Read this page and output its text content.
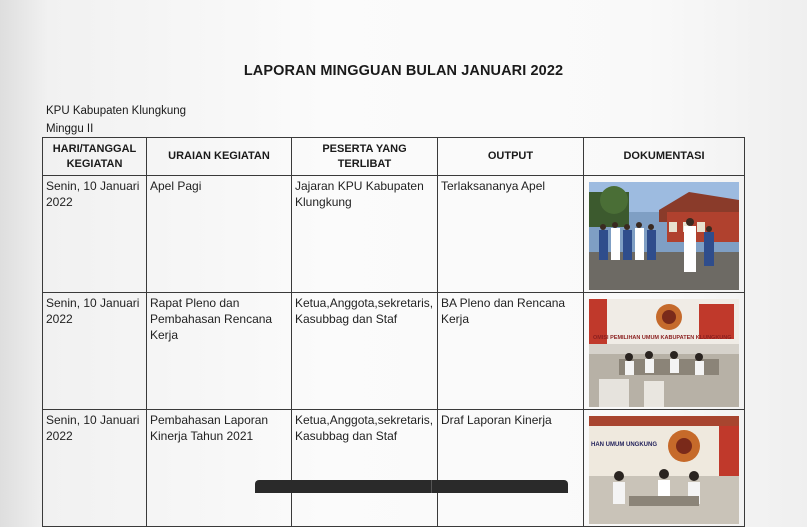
LAPORAN MINGGUAN BULAN JANUARI 2022
KPU Kabupaten Klungkung
Minggu II
HARI/TANGGAL KEGIATAN	URAIAN KEGIATAN	PESERTA YANG TERLIBAT	OUTPUT	DOKUMENTASI
Senin, 10 Januari 2022	Apel Pagi	Jajaran KPU Kabupaten Klungkung	Terlaksananya Apel	

Senin, 10 Januari 2022	Rapat Pleno dan Pembahasan Rencana Kerja	Ketua,Anggota,sekretaris, Kasubbag dan Staf	BA Pleno dan Rencana Kerja	OMISI PEMILIHAN UMUM KABUPATEN KLUNGKUNG

Senin, 10 Januari 2022	Pembahasan Laporan Kinerja Tahun 2021	Ketua,Anggota,sekretaris, Kasubbag dan Staf	Draf Laporan Kinerja	HAN UMUM UNGKUNG
